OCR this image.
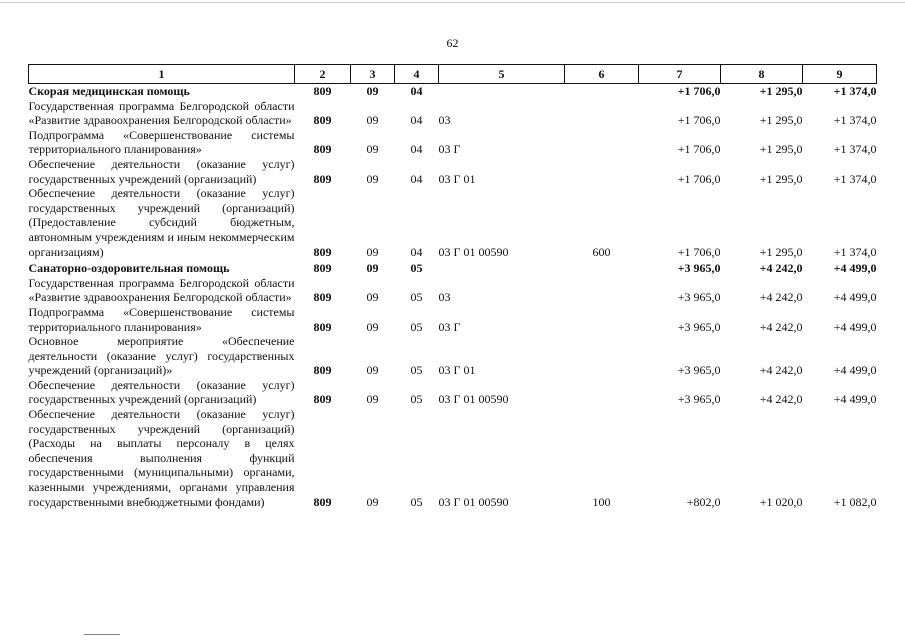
62
1	2	3	4	5	6	7	8	9
Скорая медицинская помощь	809	09	04			+1 706,0	+1 295,0	+1 374,0
Государственная программа Белгородской области «Развитие здравоохранения Белгородской области»	809	09	04	03		+1 706,0	+1 295,0	+1 374,0
Подпрограмма «Совершенствование системы территориального планирования»	809	09	04	03 Г		+1 706,0	+1 295,0	+1 374,0
Обеспечение деятельности (оказание услуг) государственных учреждений (организаций)	809	09	04	03 Г 01		+1 706,0	+1 295,0	+1 374,0
Обеспечение деятельности (оказание услуг) государственных учреждений (организаций) (Предоставление субсидий бюджетным, автономным учреждениям и иным некоммерческим организациям)	809	09	04	03 Г 01 00590	600	+1 706,0	+1 295,0	+1 374,0
Санаторно-оздоровительная помощь	809	09	05			+3 965,0	+4 242,0	+4 499,0
Государственная программа Белгородской области «Развитие здравоохранения Белгородской области»	809	09	05	03		+3 965,0	+4 242,0	+4 499,0
Подпрограмма «Совершенствование системы территориального планирования»	809	09	05	03 Г		+3 965,0	+4 242,0	+4 499,0
Основное мероприятие «Обеспечение деятельности (оказание услуг) государственных учреждений (организаций)»	809	09	05	03 Г 01		+3 965,0	+4 242,0	+4 499,0
Обеспечение деятельности (оказание услуг) государственных учреждений (организаций)	809	09	05	03 Г 01 00590		+3 965,0	+4 242,0	+4 499,0
Обеспечение деятельности (оказание услуг) государственных учреждений (организаций) (Расходы на выплаты персоналу в целях обеспечения выполнения функций государственными (муниципальными) органами, казенными учреждениями, органами управления государственными внебюджетными фондами)	809	09	05	03 Г 01 00590	100	+802,0	+1 020,0	+1 082,0
